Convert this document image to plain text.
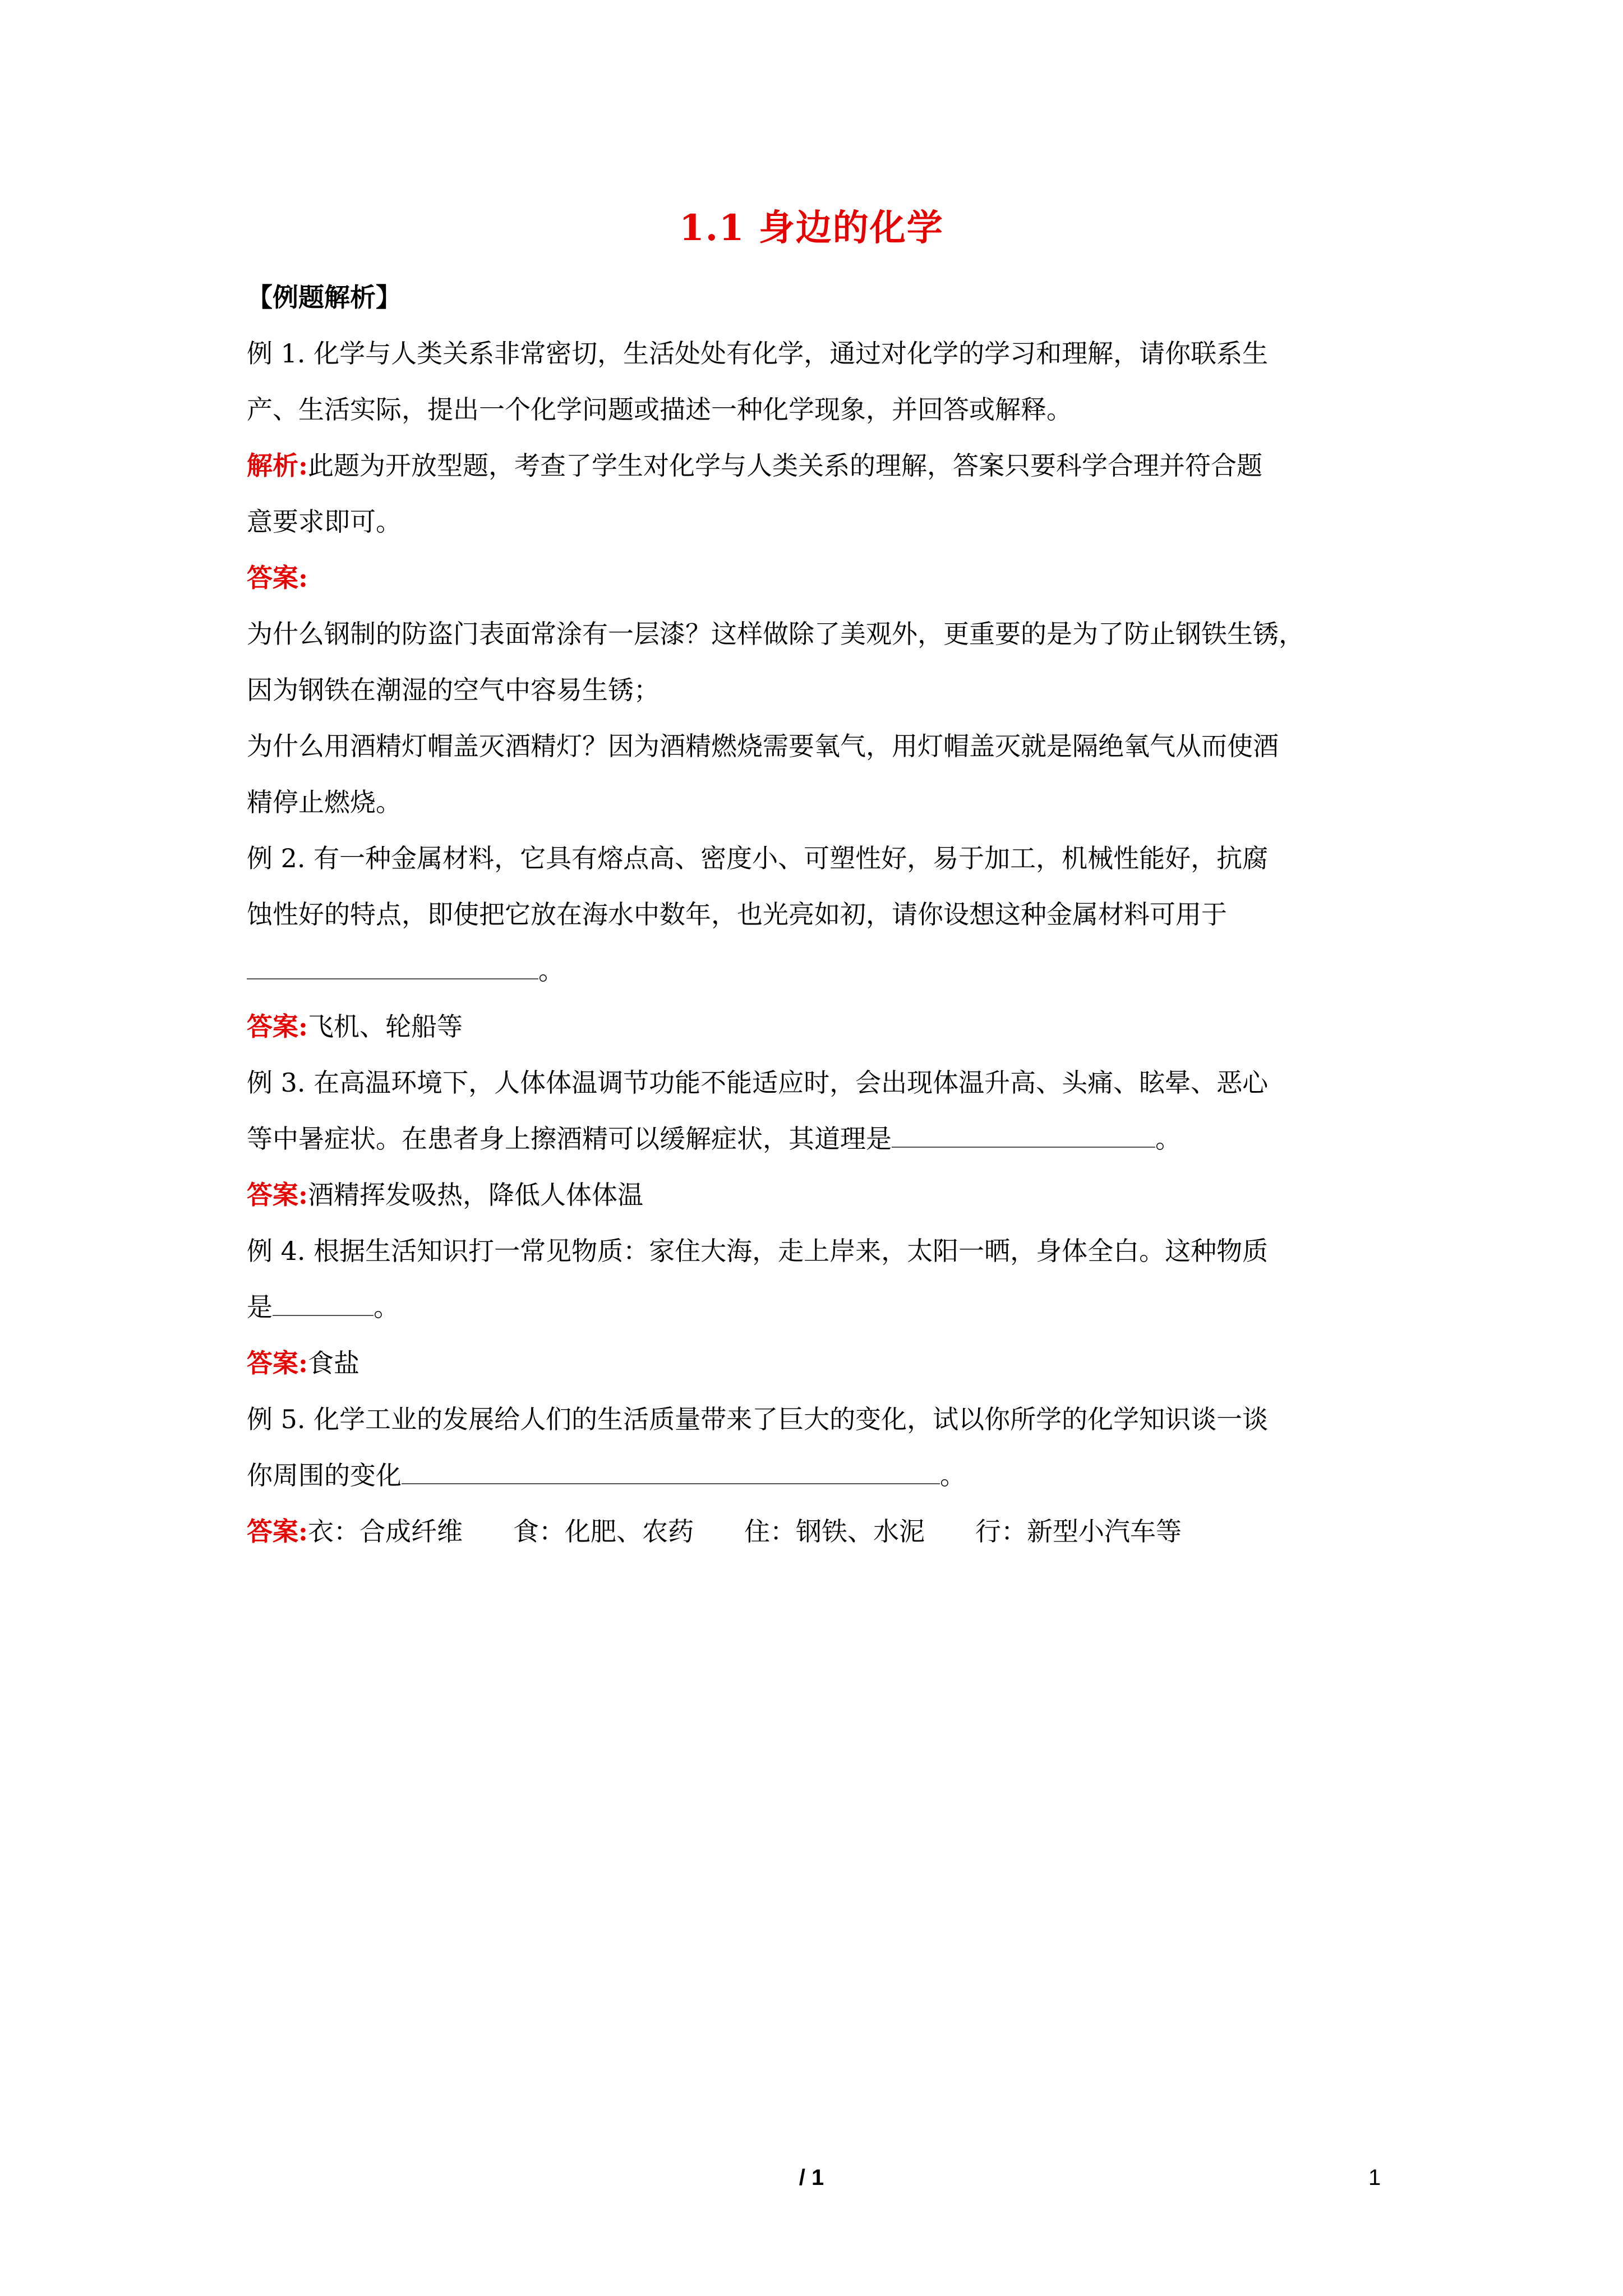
1.1 身边的化学

【例题解析】

例 1. 化学与人类关系非常密切，生活处处有化学，通过对化学的学习和理解，请你联系生

产、生活实际，提出一个化学问题或描述一种化学现象，并回答或解释。

解析:此题为开放型题，考查了学生对化学与人类关系的理解，答案只要科学合理并符合题

意要求即可。

答案:

为什么钢制的防盗门表面常涂有一层漆？这样做除了美观外，更重要的是为了防止钢铁生锈，

因为钢铁在潮湿的空气中容易生锈；

为什么用酒精灯帽盖灭酒精灯？因为酒精燃烧需要氧气，用灯帽盖灭就是隔绝氧气从而使酒

精停止燃烧。

例 2. 有一种金属材料，它具有熔点高、密度小、可塑性好，易于加工，机械性能好，抗腐

蚀性好的特点，即使把它放在海水中数年，也光亮如初，请你设想这种金属材料可用于

。

答案:飞机、轮船等

例 3. 在高温环境下，人体体温调节功能不能适应时，会出现体温升高、头痛、眩晕、恶心

等中暑症状。在患者身上擦酒精可以缓解症状，其道理是	。

答案:酒精挥发吸热，降低人体体温

例 4. 根据生活知识打一常见物质：家住大海，走上岸来，太阳一晒，身体全白。这种物质

是	。

答案:食盐

例 5. 化学工业的发展给人们的生活质量带来了巨大的变化，试以你所学的化学知识谈一谈

你周围的变化	。

答案:衣：合成纤维 食：化肥、农药 住：钢铁、水泥 行：新型小汽车等

/ 1	1
